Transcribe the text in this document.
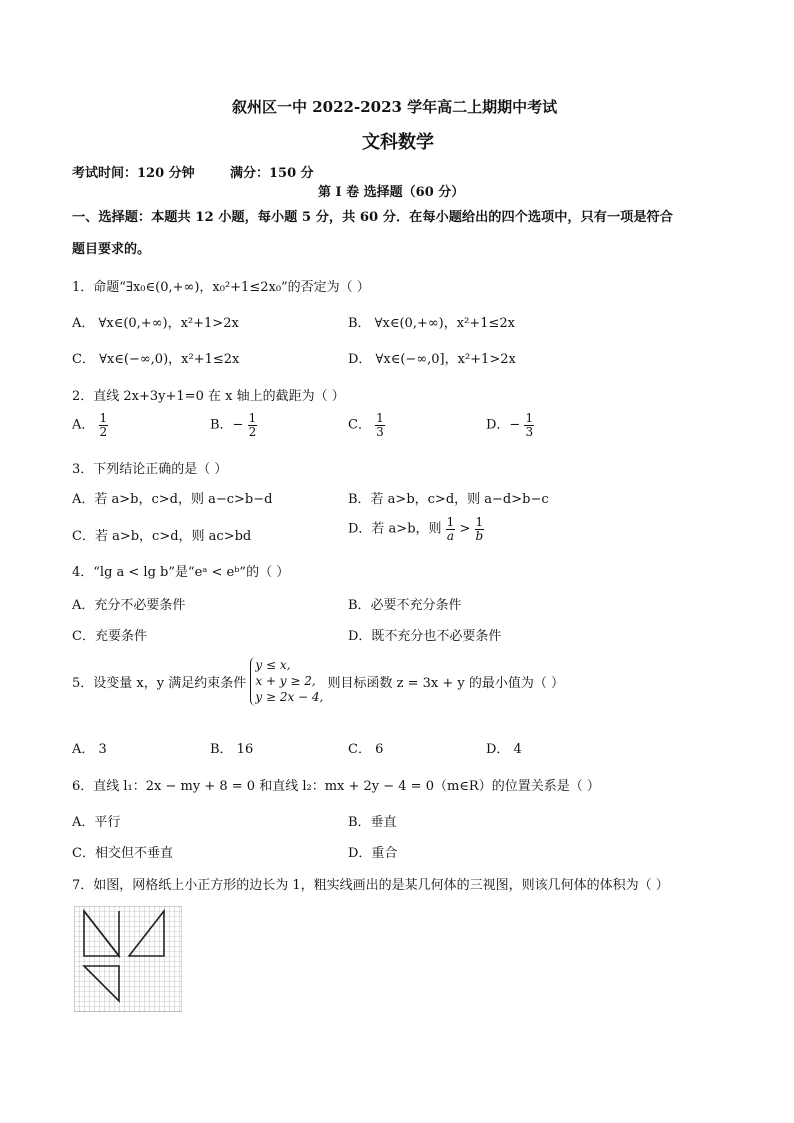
叙州区一中 2022-2023 学年高二上期期中考试
文科数学
考试时间：120 分钟	满分：150 分
第 I 卷 选择题（60 分）
一、选择题：本题共 12 小题，每小题 5 分，共 60 分．在每小题给出的四个选项中，只有一项是符合
题目要求的。
1．命题“∃x₀∈(0,+∞)，x₀²+1≤2x₀”的否定为（ ）
A． ∀x∈(0,+∞)，x²+1>2x	B． ∀x∈(0,+∞)，x²+1≤2x
C． ∀x∈(−∞,0)，x²+1≤2x	D． ∀x∈(−∞,0]，x²+1>2x
2．直线 2x+3y+1=0 在 x 轴上的截距为（ ）
A． $\frac{1}{2}$	B．− $\frac{1}{2}$	C． $\frac{1}{3}$	D．− $\frac{1}{3}$
3．下列结论正确的是（ ）
A．若 a>b，c>d，则 a−c>b−d	B．若 a>b，c>d，则 a−d>b−c
C．若 a>b，c>d，则 ac>bd	D．若 a>b，则 $\frac{1}{a} > \frac{1}{b}$
4．“lg a < lg b”是“eᵃ < eᵇ”的（ ）
A．充分不必要条件	B．必要不充分条件
C．充要条件	D．既不充分也不必要条件
5．设变量 x，y 满足约束条件
y ≤ x,
x + y ≥ 2,
y ≥ 2x − 4,
则目标函数 z = 3x + y 的最小值为（ ）
A． 3	B． 16	C． 6	D． 4
6．直线 l₁：2x − my + 8 = 0 和直线 l₂：mx + 2y − 4 = 0（m∈R）的位置关系是（ ）
A．平行	B．垂直
C．相交但不垂直	D．重合
7．如图，网格纸上小正方形的边长为 1，粗实线画出的是某几何体的三视图，则该几何体的体积为（ ）
